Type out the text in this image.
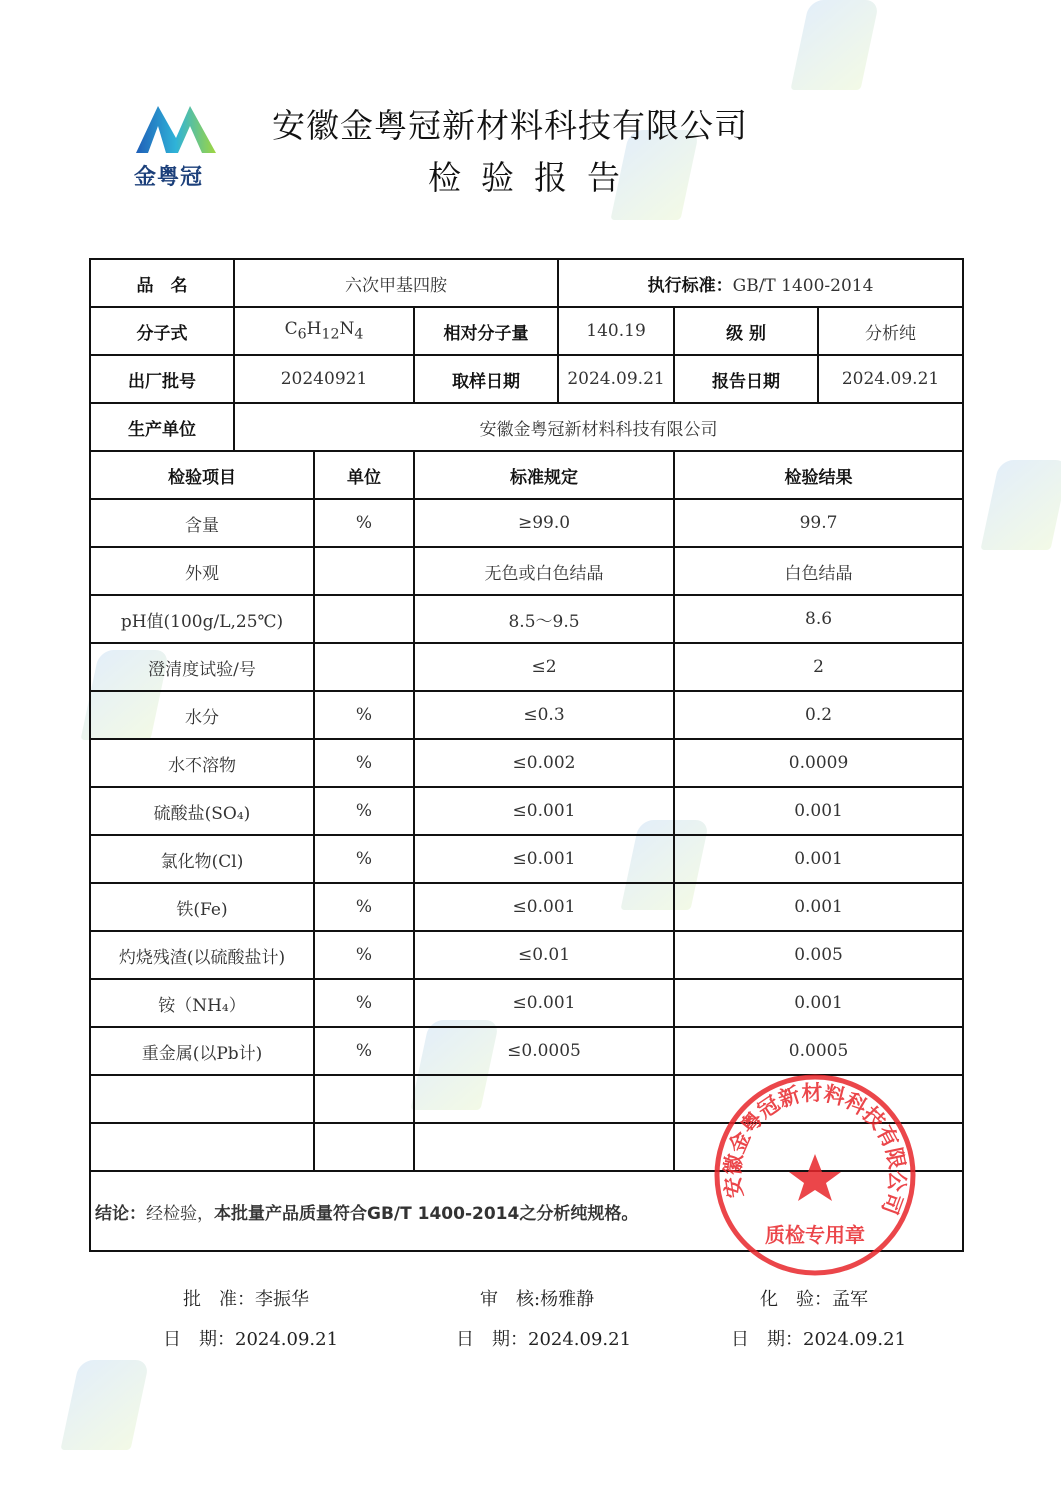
金粤冠
安徽金粤冠新材料科技有限公司
检验报告
品　名	六次甲基四胺			执行标准：GB/T 1400-2014		
分子式	$C_6H_{12}N_4$		相对分子量	140.19	级 别	分析纯
出厂批号	20240921		取样日期	2024.09.21	报告日期	2024.09.21
生产单位	安徽金粤冠新材料科技有限公司					
检验项目		单位	标准规定		检验结果	
含量		%	≥99.0		99.7	
外观			无色或白色结晶		白色结晶	
pH值(100g/L,25℃)			8.5～9.5		8.6	
澄清度试验/号			≤2		2	
水分		%	≤0.3		0.2	
水不溶物		%	≤0.002		0.0009	
硫酸盐(SO₄)		%	≤0.001		0.001	
氯化物(Cl)		%	≤0.001		0.001	
铁(Fe)		%	≤0.001		0.001	
灼烧残渣(以硫酸盐计)		%	≤0.01		0.005	
铵（NH₄）		%	≤0.001		0.001	
重金属(以Pb计)		%	≤0.0005		0.0005	

结论：经检验，本批量产品质量符合GB/T 1400-2014之分析纯规格。						
安徽金粤冠新材料科技有限公司
质检专用章
批　准：李振华	审　核:杨雅静	化　验：孟军
日　期：2024.09.21	日　期：2024.09.21	日　期：2024.09.21
